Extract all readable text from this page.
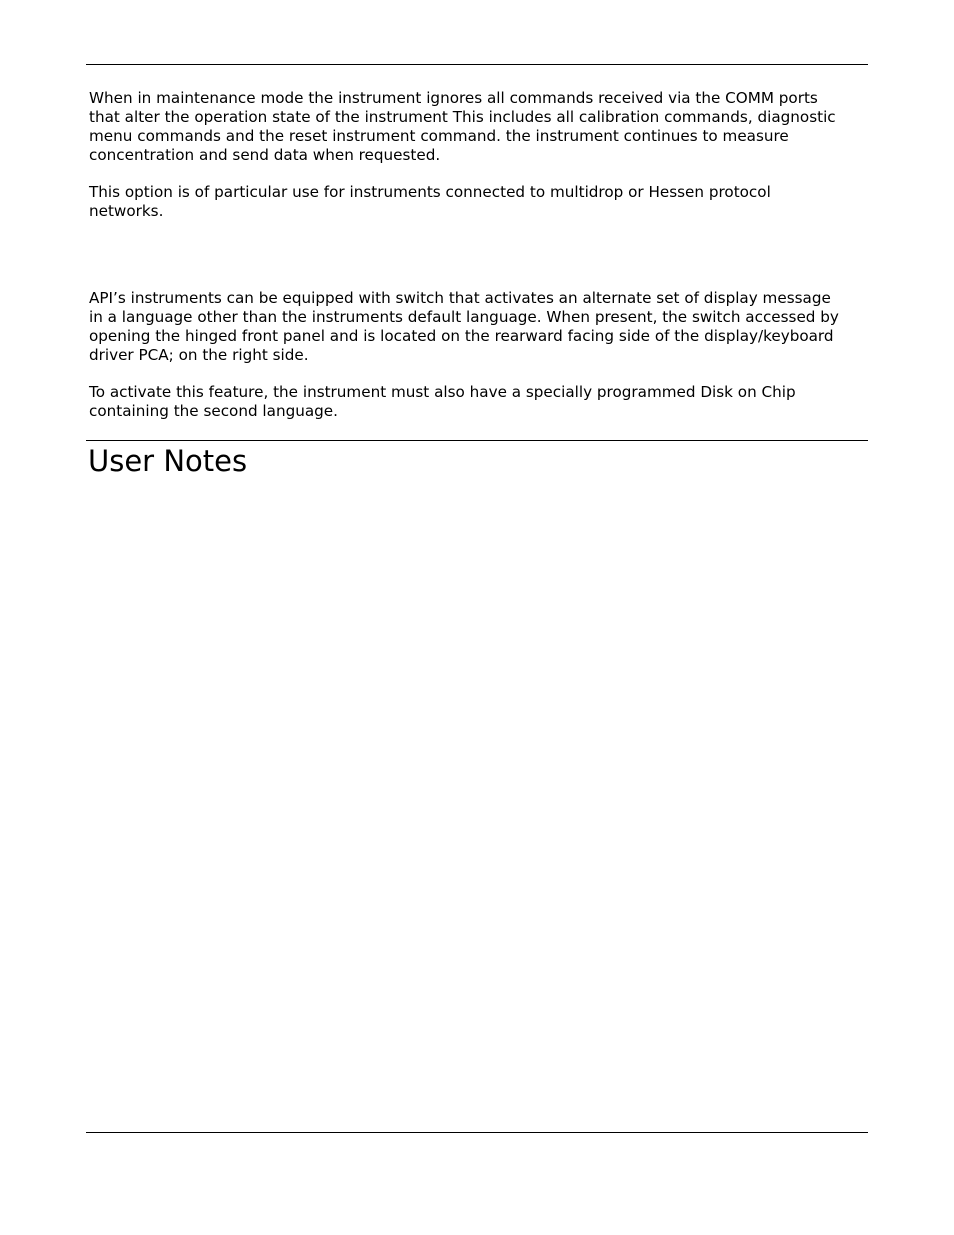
When in maintenance mode the instrument ignores all commands received via the COMM ports
that alter the operation state of the instrument This includes all calibration commands, diagnostic
menu commands and the reset instrument command. the instrument continues to measure
concentration and send data when requested.

This option is of particular use for instruments connected to multidrop or Hessen protocol
networks.

API’s instruments can be equipped with switch that activates an alternate set of display message
in a language other than the instruments default language. When present, the switch accessed by
opening the hinged front panel and is located on the rearward facing side of the display/keyboard
driver PCA; on the right side.

To activate this feature, the instrument must also have a specially programmed Disk on Chip
containing the second language.

User Notes
